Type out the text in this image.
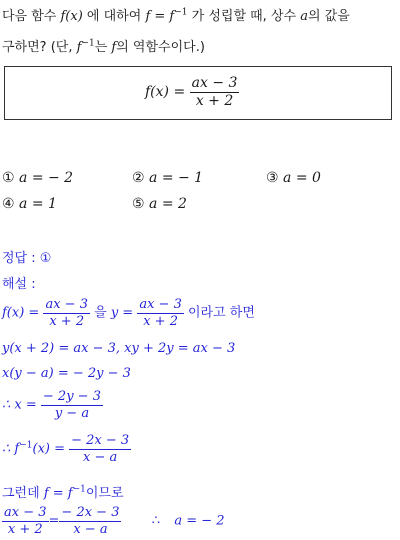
다음 함수 f(x) 에 대하여 $f = f^{-1}$ 가 성립할 때, 상수 a의 값을
구하면? (단, $f^{-1}$는 f의 역함수이다.)
$f(x) = \frac{ax - 3}{x + 2}$
① a = − 2	② a = − 1	③ a = 0
④ a = 1	⑤ a = 2
정답 : ①
해설 :
$f(x) = \frac{ax - 3}{x + 2}$ 을 $y = \frac{ax - 3}{x + 2}$ 이라고 하면
y(x + 2) = ax − 3, xy + 2y = ax − 3
x(y − a) = − 2y − 3
∴ $x = \frac{- 2y - 3}{y - a}$
∴ $f^{-1}(x) = \frac{- 2x - 3}{x - a}$
그런데 $f = f^{-1}$이므로
$\frac{ax - 3}{x + 2} = \frac{- 2x - 3}{x - a}$ ∴ a = − 2
